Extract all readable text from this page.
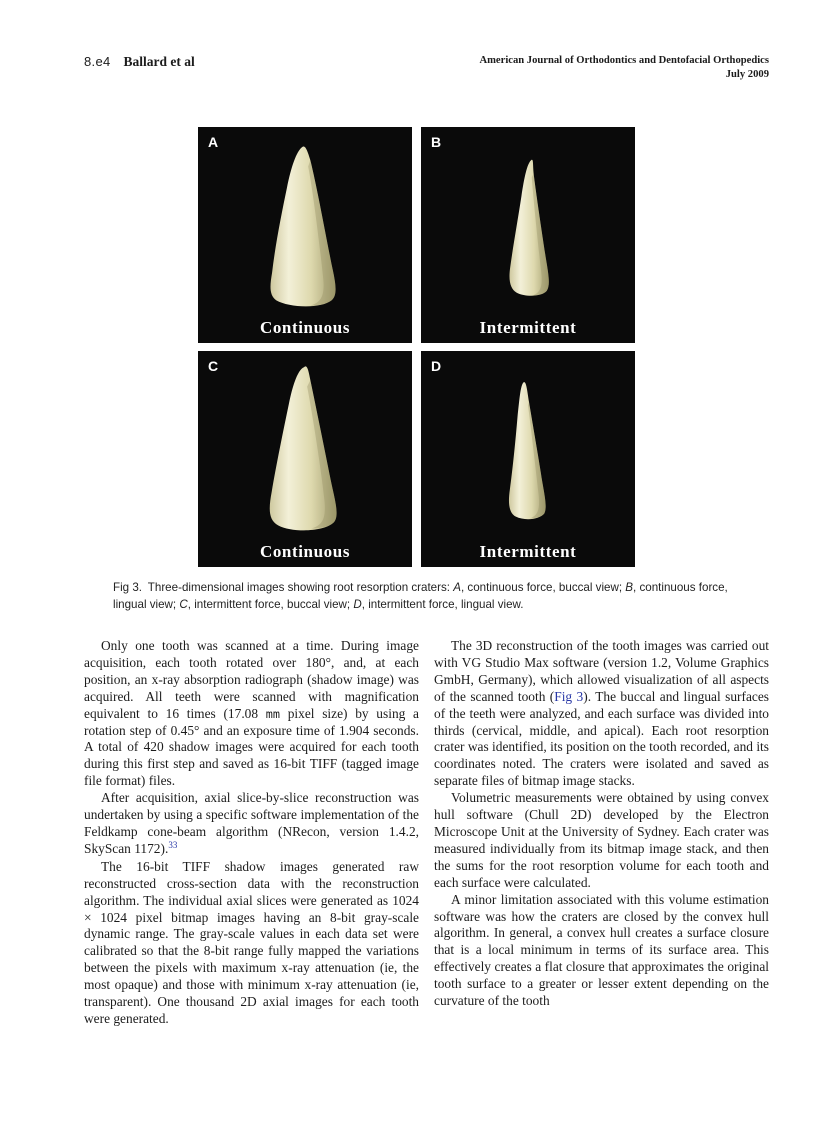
8.e4 Ballard et al	American Journal of Orthodontics and Dentofacial Orthopedics
July 2009
A
Continuous
B
Intermittent
C
Continuous
D
Intermittent
Fig 3. Three-dimensional images showing root resorption craters: A, continuous force, buccal view; B, continuous force, lingual view; C, intermittent force, buccal view; D, intermittent force, lingual view.

Only one tooth was scanned at a time. During image acquisition, each tooth rotated over 180°, and, at each position, an x-ray absorption radiograph (shadow image) was acquired. All teeth were scanned with magnification equivalent to 16 times (17.08 mm pixel size) by using a rotation step of 0.45° and an exposure time of 1.904 seconds. A total of 420 shadow images were acquired for each tooth during this first step and saved as 16-bit TIFF (tagged image file format) files.

After acquisition, axial slice-by-slice reconstruction was undertaken by using a specific software implementation of the Feldkamp cone-beam algorithm (NRecon, version 1.4.2, SkyScan 1172).$^{33}$

The 16-bit TIFF shadow images generated raw reconstructed cross-section data with the reconstruction algorithm. The individual axial slices were generated as 1024 × 1024 pixel bitmap images having an 8-bit gray-scale dynamic range. The gray-scale values in each data set were calibrated so that the 8-bit range fully mapped the variations between the pixels with maximum x-ray attenuation (ie, the most opaque) and those with minimum x-ray attenuation (ie, transparent). One thousand 2D axial images for each tooth were generated.

The 3D reconstruction of the tooth images was carried out with VG Studio Max software (version 1.2, Volume Graphics GmbH, Germany), which allowed visualization of all aspects of the scanned tooth (Fig 3). The buccal and lingual surfaces of the teeth were analyzed, and each surface was divided into thirds (cervical, middle, and apical). Each root resorption crater was identified, its position on the tooth recorded, and its coordinates noted. The craters were isolated and saved as separate files of bitmap image stacks.

Volumetric measurements were obtained by using convex hull software (Chull 2D) developed by the Electron Microscope Unit at the University of Sydney. Each crater was measured individually from its bitmap image stack, and then the sums for the root resorption volume for each tooth and each surface were calculated.

A minor limitation associated with this volume estimation software was how the craters are closed by the convex hull algorithm. In general, a convex hull creates a surface closure that is a local minimum in terms of its surface area. This effectively creates a flat closure that approximates the original tooth surface to a greater or lesser extent depending on the curvature of the tooth
